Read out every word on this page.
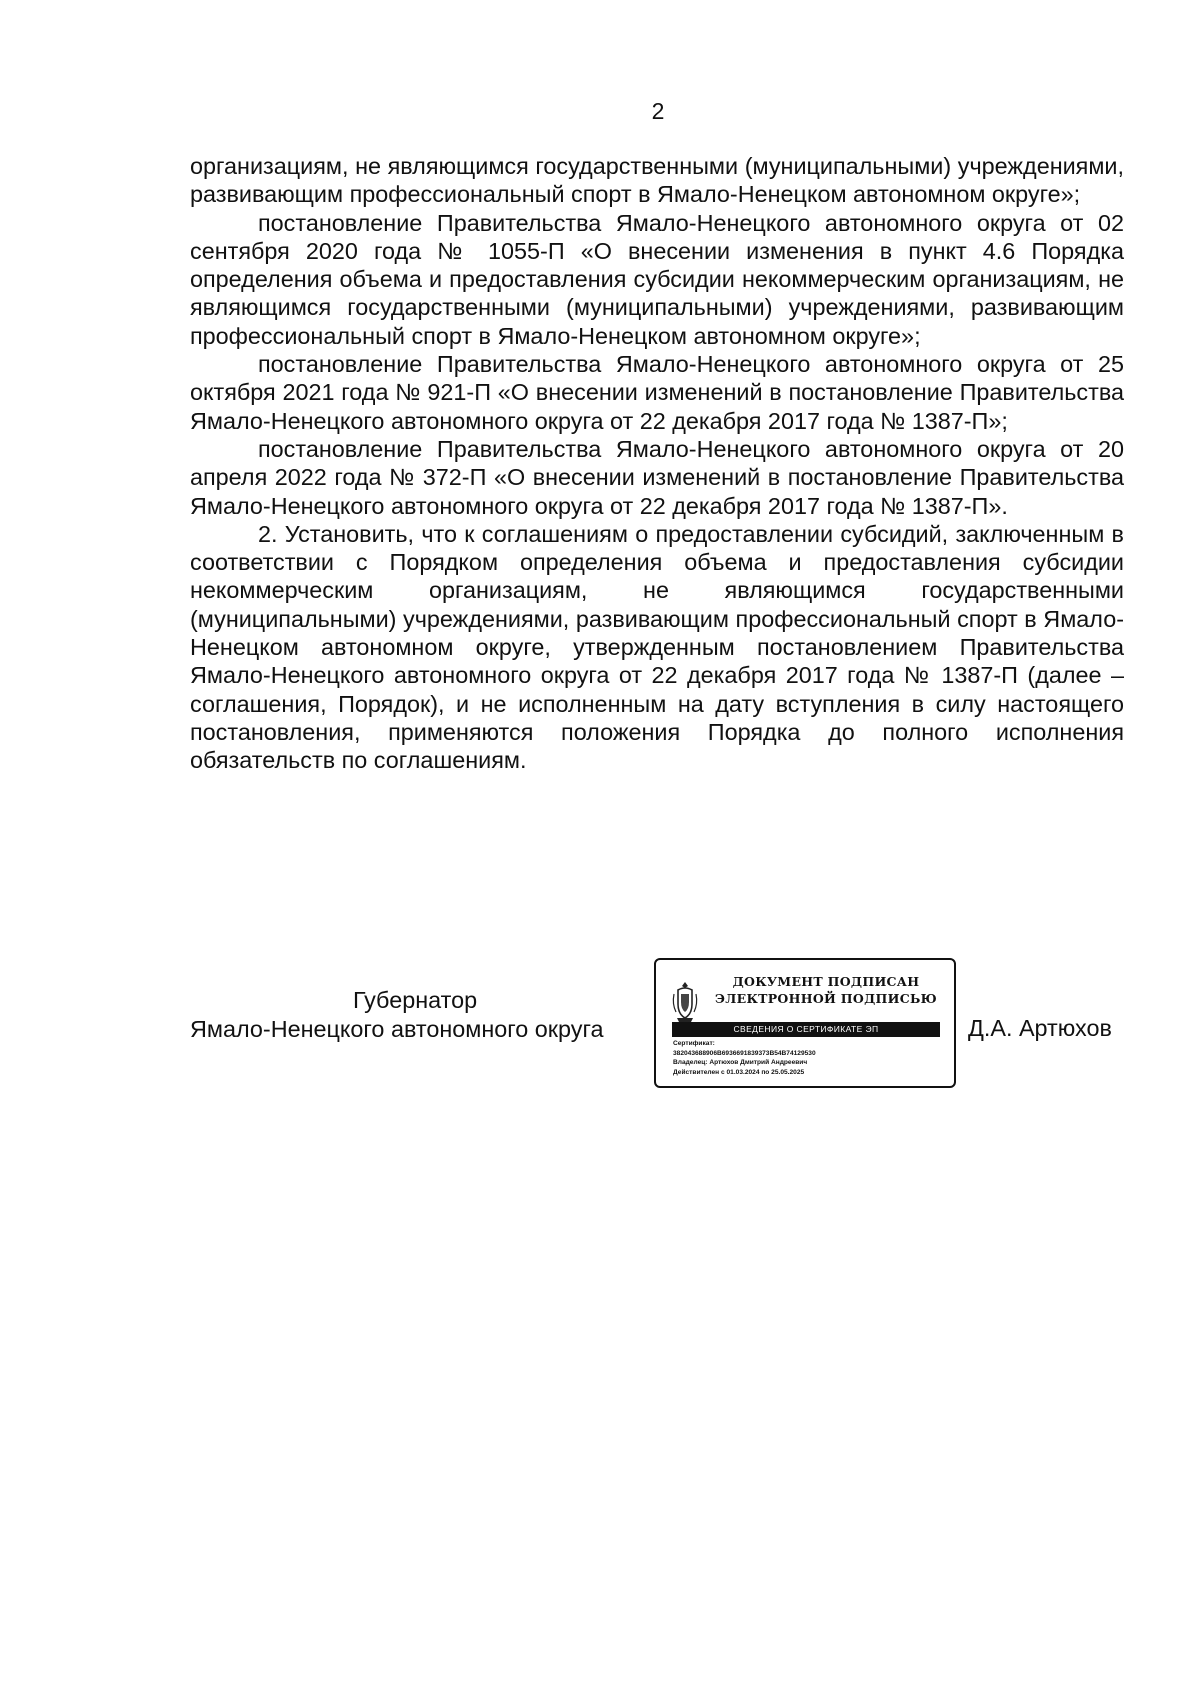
2

организациям, не являющимся государственными (муниципальными) учреждениями, развивающим профессиональный спорт в Ямало-Ненецком автономном округе»;

постановление Правительства Ямало-Ненецкого автономного округа от 02 сентября 2020 года № 1055-П «О внесении изменения в пункт 4.6 Порядка определения объема и предоставления субсидии некоммерческим организациям, не являющимся государственными (муниципальными) учреждениями, развивающим профессиональный спорт в Ямало-Ненецком автономном округе»;

постановление Правительства Ямало-Ненецкого автономного округа от 25 октября 2021 года № 921-П «О внесении изменений в постановление Правительства Ямало-Ненецкого автономного округа от 22 декабря 2017 года № 1387-П»;

постановление Правительства Ямало-Ненецкого автономного округа от 20 апреля 2022 года № 372-П «О внесении изменений в постановление Правительства Ямало-Ненецкого автономного округа от 22 декабря 2017 года № 1387-П».

2. Установить, что к соглашениям о предоставлении субсидий, заключенным в соответствии с Порядком определения объема и предоставления субсидии некоммерческим организациям, не являющимся государственными (муниципальными) учреждениями, развивающим профессиональный спорт в Ямало-Ненецком автономном округе, утвержденным постановлением Правительства Ямало-Ненецкого автономного округа от 22 декабря 2017 года № 1387-П (далее – соглашения, Порядок), и не исполненным на дату вступления в силу настоящего постановления, применяются положения Порядка до полного исполнения обязательств по соглашениям.

Губернатор
Ямало-Ненецкого автономного округа
ДОКУМЕНТ ПОДПИСАН
ЭЛЕКТРОННОЙ ПОДПИСЬЮ
СВЕДЕНИЯ О СЕРТИФИКАТЕ ЭП
Сертификат:
382043688906B6936691839373B54B74129530
Владелец: Артюхов Дмитрий Андреевич
Действителен с 01.03.2024 по 25.05.2025
Д.А. Артюхов
